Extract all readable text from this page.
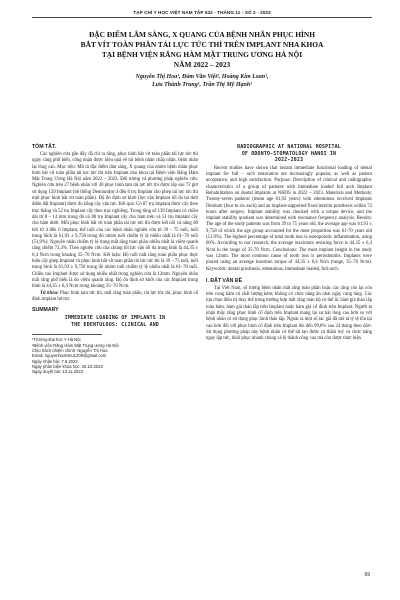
TẠP CHÍ Y HỌC VIỆT NAM TẬP 532 - THÁNG 11 - SỐ 2 - 2023
ĐẶC ĐIỂM LÂM SÀNG, X QUANG CỦA BỆNH NHÂN PHỤC HÌNH
BẮT VÍT TOÀN PHẦN TẢI LỰC TỨC THÌ TRÊN IMPLANT NHA KHOA
TẠI BỆNH VIỆN RĂNG HÀM MẶT TRUNG ƯƠNG HÀ NỘI
NĂM 2022 – 2023
Nguyễn Thị Hoa¹, Đàm Văn Việt², Hoàng Kim Loan¹,
Lưu Thành Trung¹, Trần Thị Mỹ Hạnh¹
TÓM TẮT.

Các nghiên cứu gần đây đã chỉ ra rằng, phục hình bắt vít toàn phần tải lực tức thì ngày càng phổ biến, công nhận được hiệu quả về tài bệnh nhân chấp nhận, bệnh nhân lại lòng cao. Mục tiêu: Mô tả đặc điểm lâm sàng, X quang của nhóm bệnh nhân phục hình bắt vít toàn phần tải lực tức thì trên Implant nha khoa tại Bệnh viện Răng Hàm Mặt Trung Ương Hà Nội năm 2022 – 2023. Đối tượng và phương pháp nghiên cứu: Nghiên cứu trên 27 bệnh nhân với 30 phục hình tạm tải lực tức thì được lắp sau 72 giờ sử dụng 139 Implant (hệ thống Dentium(tư 4 đến 6 trụ Implant cho phép tải lực tức thì một phục hình bắt vít toàn phần). Độ ổn định sơ khởi (lực vặn Implant tối đa tại thời điểm đặt Implant) được đo bằng cây vặn lực. Kết quả: Có 87 trụ Implant được cấy theo trục thẳng và 52 trụ Implant cấy theo trục nghiêng. Trong tổng số 139 Implant có chiều dài từ 8 – 14 mm trong đó có 88 trụ Implant cấy cho hàm trên và 51 trụ Implant cấy cho hàm dưới. Mỗi phục hình bắt vít toàn phần tải lực tức thì được kết nối và nâng đỡ bởi từ 4 đến 6 Implant, thể tuổi của các bệnh nhân nghiên cứu từ 39 – 75 tuổi, tuổi trung bình là 61,93 ± 9,758 trong đó nhóm tuổi chiếm tỷ lệ nhiều nhất là 61–70 tuổi (51,9%). Nguyên nhân chiếm tỷ lệ trung mất răng toàn phần nhiều nhất là viêm quanh răng chiếm 73,3%. Theo nghiên cứu của chúng tôi lực vặn tối đa trung bình là 44,35 ± 6,4 Ncm trong khoảng 35–70 Ncm. Kết luận: Độ tuổi mất răng toàn phần phục thực hiện cấy ghép Implant và phục hình bắt vít toàn phần tải lực tức thì là 39 – 75 tuổi, tuổi trung bình là 61,93 ± 9,758 trong đó nhóm tuổi chiếm tỷ lệ nhiều nhất là 61–70 tuổi. Chiều cao Implant được sử dụng nhiều nhất trong nghiên cứu là 12mm. Nguyên nhân mất răng phổ biến là do viêm quanh răng. Độ ổn định sơ khởi của các Implant trung bình là 44,35 ± 6,4 Ncm trong khoảng 35–70 Ncm.

Từ khóa: Phục hình tạm tức thì, mất răng toàn phần, tải lực tức thì, phục hình cố định implant hở trợ.

SUMMARY
IMMEDIATE LOADING OF IMPLANTS IN
THE EDENTULOUS: CLINICAL AND
¹Trường Đại học Y Hà Nội
²Bệnh viện Răng Hàm Mặt Trung ương Hà Nội
Chịu trách nhiệm chính: Nguyễn Thị Hoa
Email: nguyenhoahmu1209@gmail.com
Ngày nhận bài: 7.9.2023
Ngày phản biện khoa học: 25.10.2023
Ngày duyệt bài: 13.11.2023
RADIOGRAPHIC AT NATIONAL HOSPITAL
OF ODONTO-STOMATOLOGY HANOI IN
2022-2023

Recent studies have shown that instant immediate functional loading of dental implant for full – arch restoration are increasingly popular, as well as patient acceptance, and high satisfaction. Purpose: Description of clinical and radiographic characteristics of a group of patients with immediate loaded full arch Implant Rehabilitation on dental implants at NHOS in 2022 – 2023. Materials and Methods: Twenty-seven patients (mean age 61,93 years) with edentulous received Implants Dentium (four to six each) and an implant-supported fixed interim prosthesis within 72 hours after surgery. Implant stability was checked with a torque device, and the implant stability quotient was determined with resonance frequency analysis. Results: The age of the study patients was from 39 to 75 years old, the average age was 61,93 ± 9,758 of which the age group accounted for the most proportion was 61-70 years old (51.9%). The highest percentage of total tooth loss is osteoporotic inflammation, using 60%. According to our research, the average maximum resisting force is 44,35 ± 6,4 Ncm in the range of 35-70 Ncm. Conclusions: The most implant height in the study was 12mm. The most common cause of tooth loss is periodontitis. Implants were placed using an average insertion torque of 44,35 ± 6,4 Ncm (range, 35–70 Ncm). Keywords: dental prosthesis, edentulous, immediate loaded, full-arch.

I. ĐẶT VẤN ĐỀ

Tại Việt Nam, số lượng bệnh nhân mất răng toàn phần hoặc các răng còn lại còn trên cung hàm có chất lượng kém, không có chức năng ăn nhai ngày càng tăng. Các lựa chọn điều trị thay thế trong trường hợp mất răng toàn bộ có thể là: hàm giả tháo lắp toàn hàm, hàm giả tháo lắp trên Implant hoặc hàm giả cố định trên Implant. Người ta nhận thấy rằng phục hình cố định trên Implant mang lại sự hài lòng cao hơn so với bệnh nhân có sử dụng phục hình tháo lắp. Ngoài ra một số tác giả đã mô tả tỷ lệ tồn tại cao hơn đối với phục hình cố định trên Implant lên đến 99,8% sau 24 tháng theo dõi⁴. Sử dụng phương pháp này bệnh nhân có thể tái tạo được cả thẩm mỹ và chức năng ngay lập tức, khôi phục nhanh chóng cả lệ thành công cao mà còn được thực hiện

69
